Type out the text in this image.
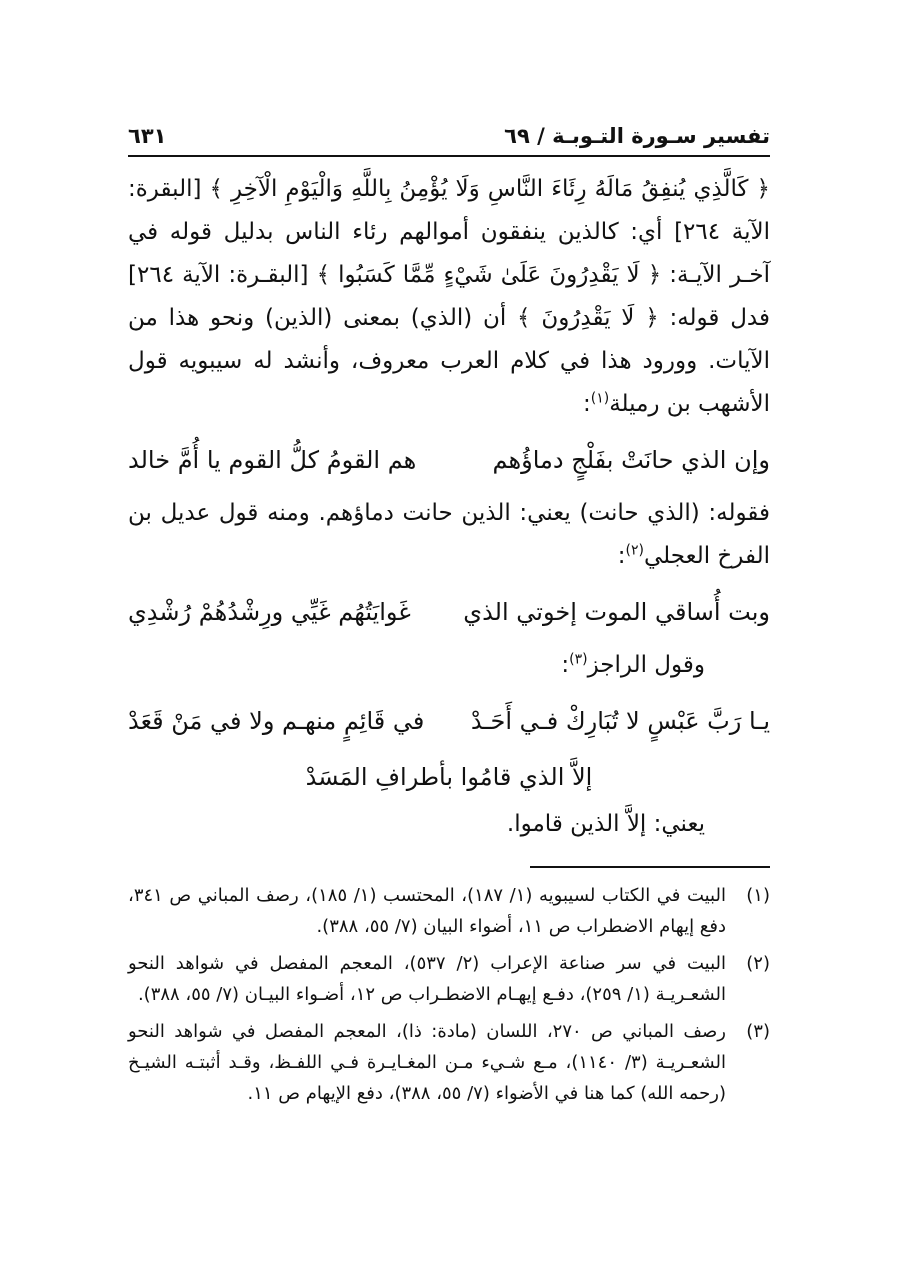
تفسير سـورة التـوبـة / ٦٩
٦٣١

﴿ كَالَّذِي يُنفِقُ مَالَهُ رِئَاءَ النَّاسِ وَلَا يُؤْمِنُ بِاللَّهِ وَالْيَوْمِ الْآخِرِ ﴾ [البقرة: الآية ٢٦٤] أي: كالذين ينفقون أموالهم رئاء الناس بدليل قوله في آخـر الآيـة: ﴿ لَا يَقْدِرُونَ عَلَىٰ شَيْءٍ مِّمَّا كَسَبُوا ﴾ [البقـرة: الآية ٢٦٤] فدل قوله: ﴿ لَا يَقْدِرُونَ ﴾ أن (الذي) بمعنى (الذين) ونحو هذا من الآيات. وورود هذا في كلام العرب معروف، وأنشد له سيبويه قول الأشهب بن رميلة$^{(١)}$:

وإن الذي حانَتْ بفَلْجٍ دماؤُهم
هم القومُ كلُّ القوم يا أُمَّ خالد

فقوله: (الذي حانت) يعني: الذين حانت دماؤهم. ومنه قول عديل بن الفرخ العجلي$^{(٢)}$:

وبت أُساقي الموت إخوتي الذي
غَوايَتُهُم غَيِّي ورِشْدُهُمْ رُشْدِي

وقول الراجز$^{(٣)}$:

يـا رَبَّ عَبْسٍ لا تُبَارِكْ فـي أَحَـدْ
في قَائِمٍ منهـم ولا في مَنْ قَعَدْ
إلاَّ الذي قامُوا بأطرافِ المَسَدْ

يعني: إلاَّ الذين قاموا.

(١)
البيت في الكتاب لسيبويه (١/ ١٨٧)، المحتسب (١/ ١٨٥)، رصف المباني ص ٣٤١، دفع إيهام الاضطراب ص ١١، أضواء البيان (٧/ ٥٥، ٣٨٨).
(٢)
البيت في سر صناعة الإعراب (٢/ ٥٣٧)، المعجم المفصل في شواهد النحو الشعـريـة (١/ ٢٥٩)، دفـع إيهـام الاضطـراب ص ١٢، أضـواء البيـان (٧/ ٥٥، ٣٨٨).
(٣)
رصف المباني ص ٢٧٠، اللسان (مادة: ذا)، المعجم المفصل في شواهد النحو الشعـريـة (٣/ ١١٤٠)، مـع شـيء مـن المغـايـرة فـي اللفـظ، وقـد أثبتـه الشيـخ (رحمه الله) كما هنا في الأضواء (٧/ ٥٥، ٣٨٨)، دفع الإيهام ص ١١.
